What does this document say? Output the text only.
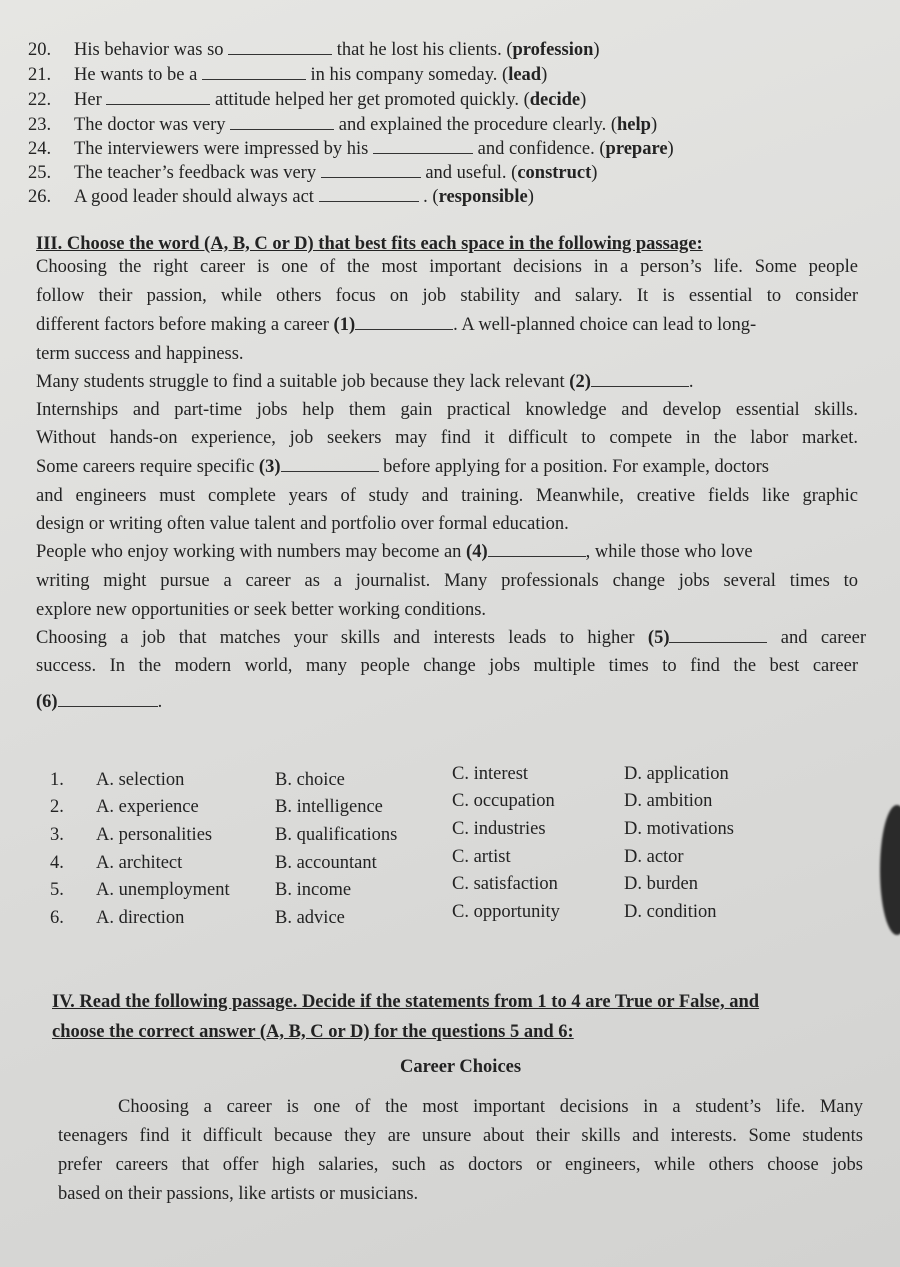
20. His behavior was so	that he lost his clients. (profession)
21. He wants to be a	in his company someday. (lead)
22. Her	attitude helped her get promoted quickly. (decide)
23. The doctor was very	and explained the procedure clearly. (help)
24. The interviewers were impressed by his	and confidence. (prepare)
25. The teacher’s feedback was very	and useful. (construct)
26. A good leader should always act	. (responsible)
III. Choose the word (A, B, C or D) that best fits each space in the following passage:
Choosing the right career is one of the most important decisions in a person’s life. Some people
follow their passion, while others focus on job stability and salary. It is essential to consider
different factors before making a career (1)	. A well-planned choice can lead to long-
term success and happiness.
Many students struggle to find a suitable job because they lack relevant (2)	.
Internships and part-time jobs help them gain practical knowledge and develop essential skills.
Without hands-on experience, job seekers may find it difficult to compete in the labor market.
Some careers require specific (3)	before applying for a position. For example, doctors
and engineers must complete years of study and training. Meanwhile, creative fields like graphic
design or writing often value talent and portfolio over formal education.
People who enjoy working with numbers may become an (4)	, while those who love
writing might pursue a career as a journalist. Many professionals change jobs several times to
explore new opportunities or seek better working conditions.
Choosing a job that matches your skills and interests leads to higher (5)	and career
success. In the modern world, many people change jobs multiple times to find the best career
(6)	.
1. A. selection	B. choice	C. interest	D. application
2. A. experience	B. intelligence	C. occupation	D. ambition
3. A. personalities	B. qualifications	C. industries	D. motivations
4. A. architect	B. accountant	C. artist	D. actor
5. A. unemployment B. income	C. satisfaction	D. burden
6. A. direction	B. advice	C. opportunity	D. condition
IV. Read the following passage. Decide if the statements from 1 to 4 are True or False, and
choose the correct answer (A, B, C or D) for the questions 5 and 6:
Career Choices
Choosing a career is one of the most important decisions in a student’s life. Many
teenagers find it difficult because they are unsure about their skills and interests. Some students
prefer careers that offer high salaries, such as doctors or engineers, while others choose jobs
based on their passions, like artists or musicians.
